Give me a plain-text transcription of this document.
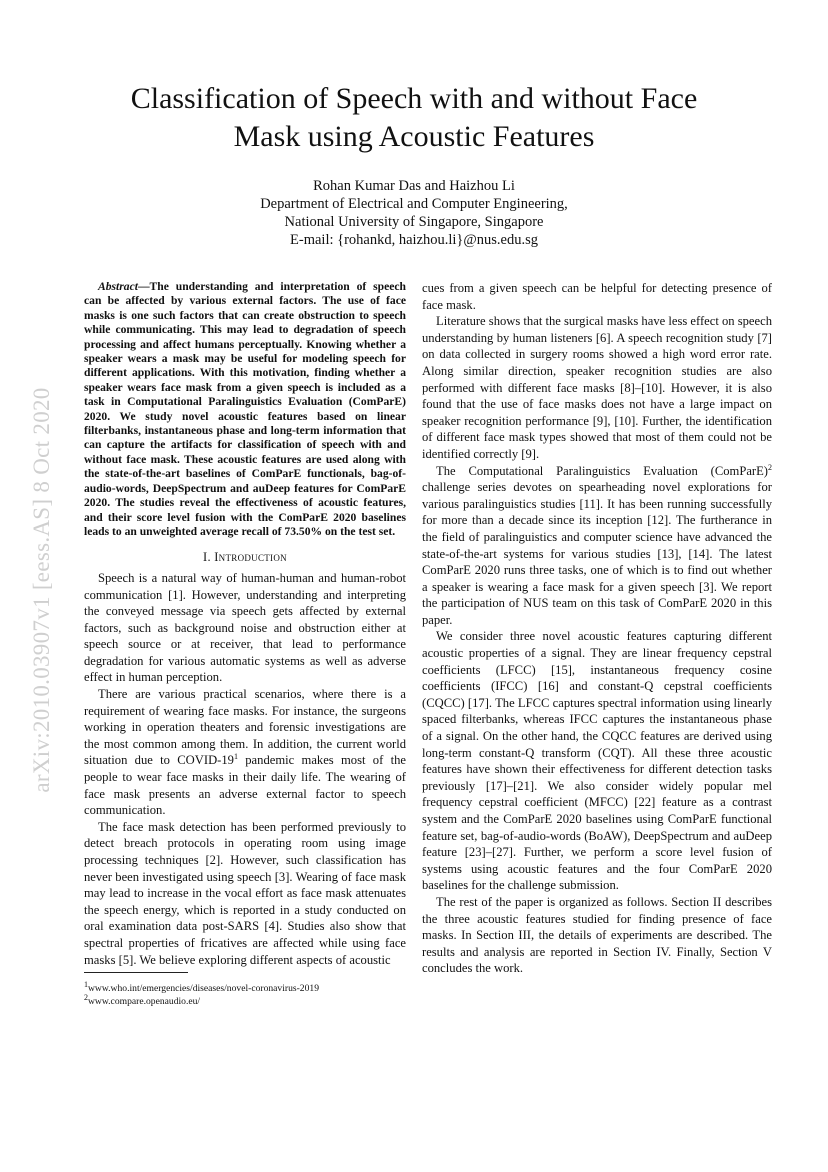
arXiv:2010.03907v1 [eess.AS] 8 Oct 2020
Classification of Speech with and without Face
Mask using Acoustic Features
Rohan Kumar Das and Haizhou Li
Department of Electrical and Computer Engineering,
National University of Singapore, Singapore
E-mail: {rohankd, haizhou.li}@nus.edu.sg

Abstract—The understanding and interpretation of speech can be affected by various external factors. The use of face masks is one such factors that can create obstruction to speech while communicating. This may lead to degradation of speech processing and affect humans perceptually. Knowing whether a speaker wears a mask may be useful for modeling speech for different applications. With this motivation, finding whether a speaker wears face mask from a given speech is included as a task in Computational Paralinguistics Evaluation (ComParE) 2020. We study novel acoustic features based on linear filterbanks, instantaneous phase and long-term information that can capture the artifacts for classification of speech with and without face mask. These acoustic features are used along with the state-of-the-art baselines of ComParE functionals, bag-of-audio-words, DeepSpectrum and auDeep features for ComParE 2020. The studies reveal the effectiveness of acoustic features, and their score level fusion with the ComParE 2020 baselines leads to an unweighted average recall of 73.50% on the test set.

I. Introduction

Speech is a natural way of human-human and human-robot communication [1]. However, understanding and interpreting the conveyed message via speech gets affected by external factors, such as background noise and obstruction either at speech source or at receiver, that lead to performance degradation for various automatic systems as well as adverse effect in human perception.

There are various practical scenarios, where there is a requirement of wearing face masks. For instance, the surgeons working in operation theaters and forensic investigations are the most common among them. In addition, the current world situation due to COVID-$19^1$ pandemic makes most of the people to wear face masks in their daily life. The wearing of face mask presents an adverse external factor to speech communication.

The face mask detection has been performed previously to detect breach protocols in operating room using image processing techniques [2]. However, such classification has never been investigated using speech [3]. Wearing of face mask may lead to increase in the vocal effort as face mask attenuates the speech energy, which is reported in a study conducted on oral examination data post-SARS [4]. Studies also show that spectral properties of fricatives are affected while using face masks [5]. We believe exploring different aspects of acoustic

cues from a given speech can be helpful for detecting presence of face mask.

Literature shows that the surgical masks have less effect on speech understanding by human listeners [6]. A speech recognition study [7] on data collected in surgery rooms showed a high word error rate. Along similar direction, speaker recognition studies are also performed with different face masks [8]–[10]. However, it is also found that the use of face masks does not have a large impact on speaker recognition performance [9], [10]. Further, the identification of different face mask types showed that most of them could not be identified correctly [9].

The Computational Paralinguistics Evaluation (ComParE)$^2$ challenge series devotes on spearheading novel explorations for various paralinguistics studies [11]. It has been running successfully for more than a decade since its inception [12]. The furtherance in the field of paralinguistics and computer science have advanced the state-of-the-art systems for various studies [13], [14]. The latest ComParE 2020 runs three tasks, one of which is to find out whether a speaker is wearing a face mask for a given speech [3]. We report the participation of NUS team on this task of ComParE 2020 in this paper.

We consider three novel acoustic features capturing different acoustic properties of a signal. They are linear frequency cepstral coefficients (LFCC) [15], instantaneous frequency cosine coefficients (IFCC) [16] and constant-Q cepstral coefficients (CQCC) [17]. The LFCC captures spectral information using linearly spaced filterbanks, whereas IFCC captures the instantaneous phase of a signal. On the other hand, the CQCC features are derived using long-term constant-Q transform (CQT). All these three acoustic features have shown their effectiveness for different detection tasks previously [17]–[21]. We also consider widely popular mel frequency cepstral coefficient (MFCC) [22] feature as a contrast system and the ComParE 2020 baselines using ComParE functional feature set, bag-of-audio-words (BoAW), DeepSpectrum and auDeep feature [23]–[27]. Further, we perform a score level fusion of systems using acoustic features and the four ComParE 2020 baselines for the challenge submission.

The rest of the paper is organized as follows. Section II describes the three acoustic features studied for finding presence of face masks. In Section III, the details of experiments are described. The results and analysis are reported in Section IV. Finally, Section V concludes the work.

$^1$www.who.int/emergencies/diseases/novel-coronavirus-2019
$^2$www.compare.openaudio.eu/
